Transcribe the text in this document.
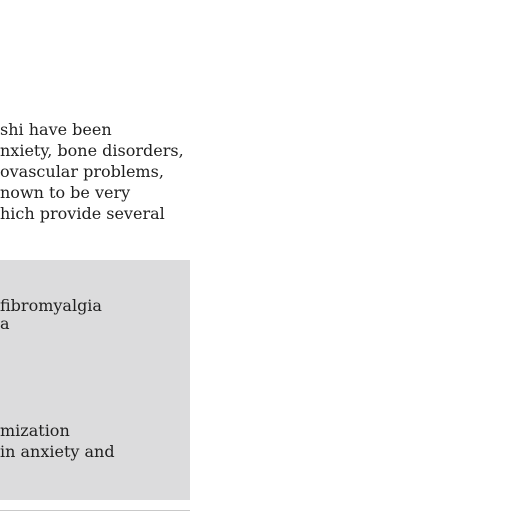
shi have been
nxiety, bone disorders,
ovascular problems,
nown to be very
hich provide several
fibromyalgia
a
mization
in anxiety and
